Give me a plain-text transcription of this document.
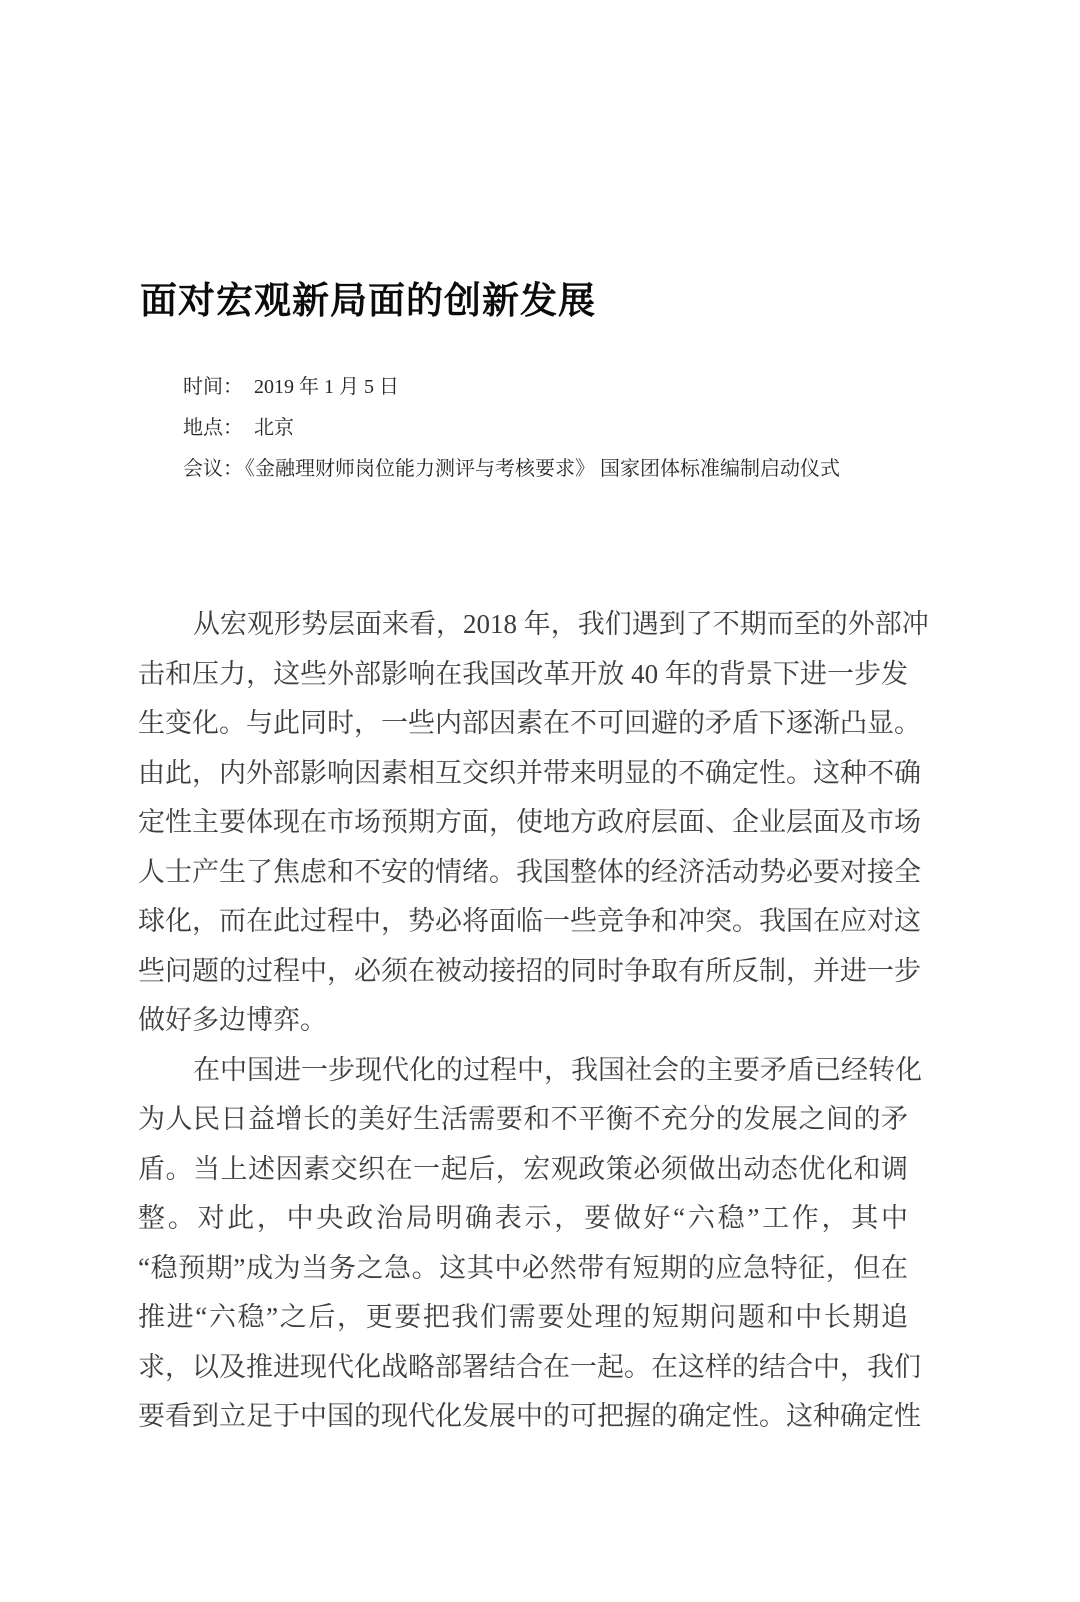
面对宏观新局面的创新发展
时间： 2019 年 1 月 5 日
地点： 北京
会议： 《金融理财师岗位能力测评与考核要求》 国家团体标准编制启动仪式
从宏观形势层面来看，2018 年，我们遇到了不期而至的外部冲
击和压力，这些外部影响在我国改革开放 40 年的背景下进一步发
生变化。与此同时，一些内部因素在不可回避的矛盾下逐渐凸显。
由此，内外部影响因素相互交织并带来明显的不确定性。这种不确
定性主要体现在市场预期方面，使地方政府层面、企业层面及市场
人士产生了焦虑和不安的情绪。我国整体的经济活动势必要对接全
球化，而在此过程中，势必将面临一些竞争和冲突。我国在应对这
些问题的过程中，必须在被动接招的同时争取有所反制，并进一步
做好多边博弈。
在中国进一步现代化的过程中，我国社会的主要矛盾已经转化
为人民日益增长的美好生活需要和不平衡不充分的发展之间的矛
盾。当上述因素交织在一起后，宏观政策必须做出动态优化和调
整。对此，中央政治局明确表示，要做好“六稳”工作，其中
“稳预期”成为当务之急。这其中必然带有短期的应急特征，但在
推进“六稳”之后，更要把我们需要处理的短期问题和中长期追
求，以及推进现代化战略部署结合在一起。在这样的结合中，我们
要看到立足于中国的现代化发展中的可把握的确定性。这种确定性
